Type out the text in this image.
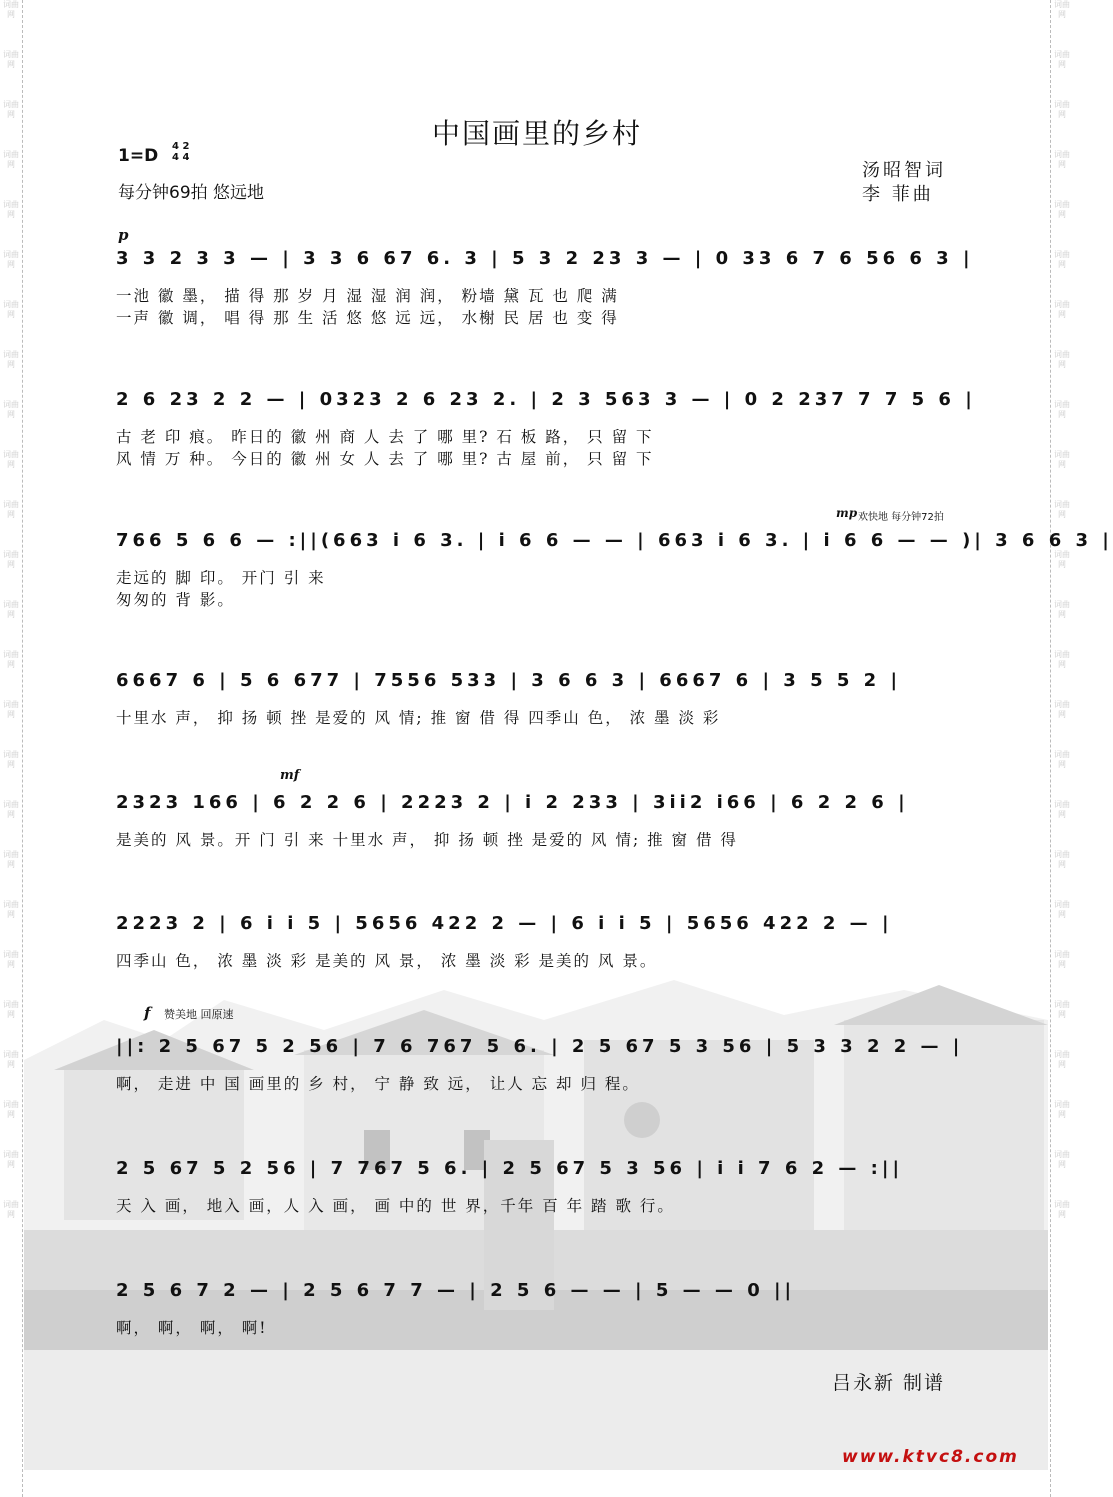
词曲网
词曲网
词曲网
词曲网
词曲网
词曲网
词曲网
词曲网
词曲网
词曲网
词曲网
词曲网
词曲网
词曲网
词曲网
词曲网
词曲网
词曲网
词曲网
词曲网
词曲网
词曲网
词曲网
词曲网
词曲网
词曲网
词曲网
词曲网
词曲网
词曲网
词曲网
词曲网
词曲网
词曲网
词曲网
词曲网
词曲网
词曲网
词曲网
词曲网
词曲网
词曲网
词曲网
词曲网
词曲网
词曲网
词曲网
词曲网
词曲网
词曲网
中国画里的乡村
1=D 4 2
4 4
每分钟69拍 悠远地
汤昭智词
李 菲曲
p
3 3 2 3 3 — | 3 3 6 67 6. 3 | 5 3 2 23 3 — | 0 33 6 7 6 56 6 3 |
一池 徽 墨， 描 得 那 岁 月 湿 湿 润 润， 粉墙 黛 瓦 也 爬 满
一声 徽 调， 唱 得 那 生 活 悠 悠 远 远， 水榭 民 居 也 变 得
2 6 23 2 2 — | 0323 2 6 23 2. | 2 3 563 3 — | 0 2 237 7 7 5 6 |
古 老 印 痕。 昨日的 徽 州 商 人 去 了 哪 里? 石 板 路， 只 留 下
风 情 万 种。 今日的 徽 州 女 人 去 了 哪 里? 古 屋 前， 只 留 下
mp 欢快地 每分钟72拍
766 5 6 6 — :||(663 i 6 3. | i 6 6 — — | 663 i 6 3. | i 6 6 — — )| 3 6 6 3 |
走远的 脚 印。 开门 引 来
匆匆的 背 影。
6667 6 | 5 6 677 | 7556 533 | 3 6 6 3 | 6667 6 | 3 5 5 2 |
十里水 声， 抑 扬 顿 挫 是爱的 风 情; 推 窗 借 得 四季山 色， 浓 墨 淡 彩
mf
2323 166 | 6 2 2 6 | 2223 2 | i 2 233 | 3ii2 i66 | 6 2 2 6 |
是美的 风 景。开 门 引 来 十里水 声， 抑 扬 顿 挫 是爱的 风 情; 推 窗 借 得
2223 2 | 6 i i 5 | 5656 422 2 — | 6 i i 5 | 5656 422 2 — |
四季山 色， 浓 墨 淡 彩 是美的 风 景， 浓 墨 淡 彩 是美的 风 景。
f 赞美地 回原速
||: 2 5 67 5 2 56 | 7 6 767 5 6. | 2 5 67 5 3 56 | 5 3 3 2 2 — |
啊， 走进 中 国 画里的 乡 村， 宁 静 致 远， 让人 忘 却 归 程。
2 5 67 5 2 56 | 7 767 5 6. | 2 5 67 5 3 56 | i i 7 6 2 — :||
天 入 画， 地入 画，人 入 画， 画 中的 世 界，千年 百 年 踏 歌 行。
2 5 6 7 2 — | 2 5 6 7 7 — | 2 5 6 — — | 5 — — 0 ||
啊， 啊， 啊， 啊!
吕永新 制谱
www.ktvc8.com
